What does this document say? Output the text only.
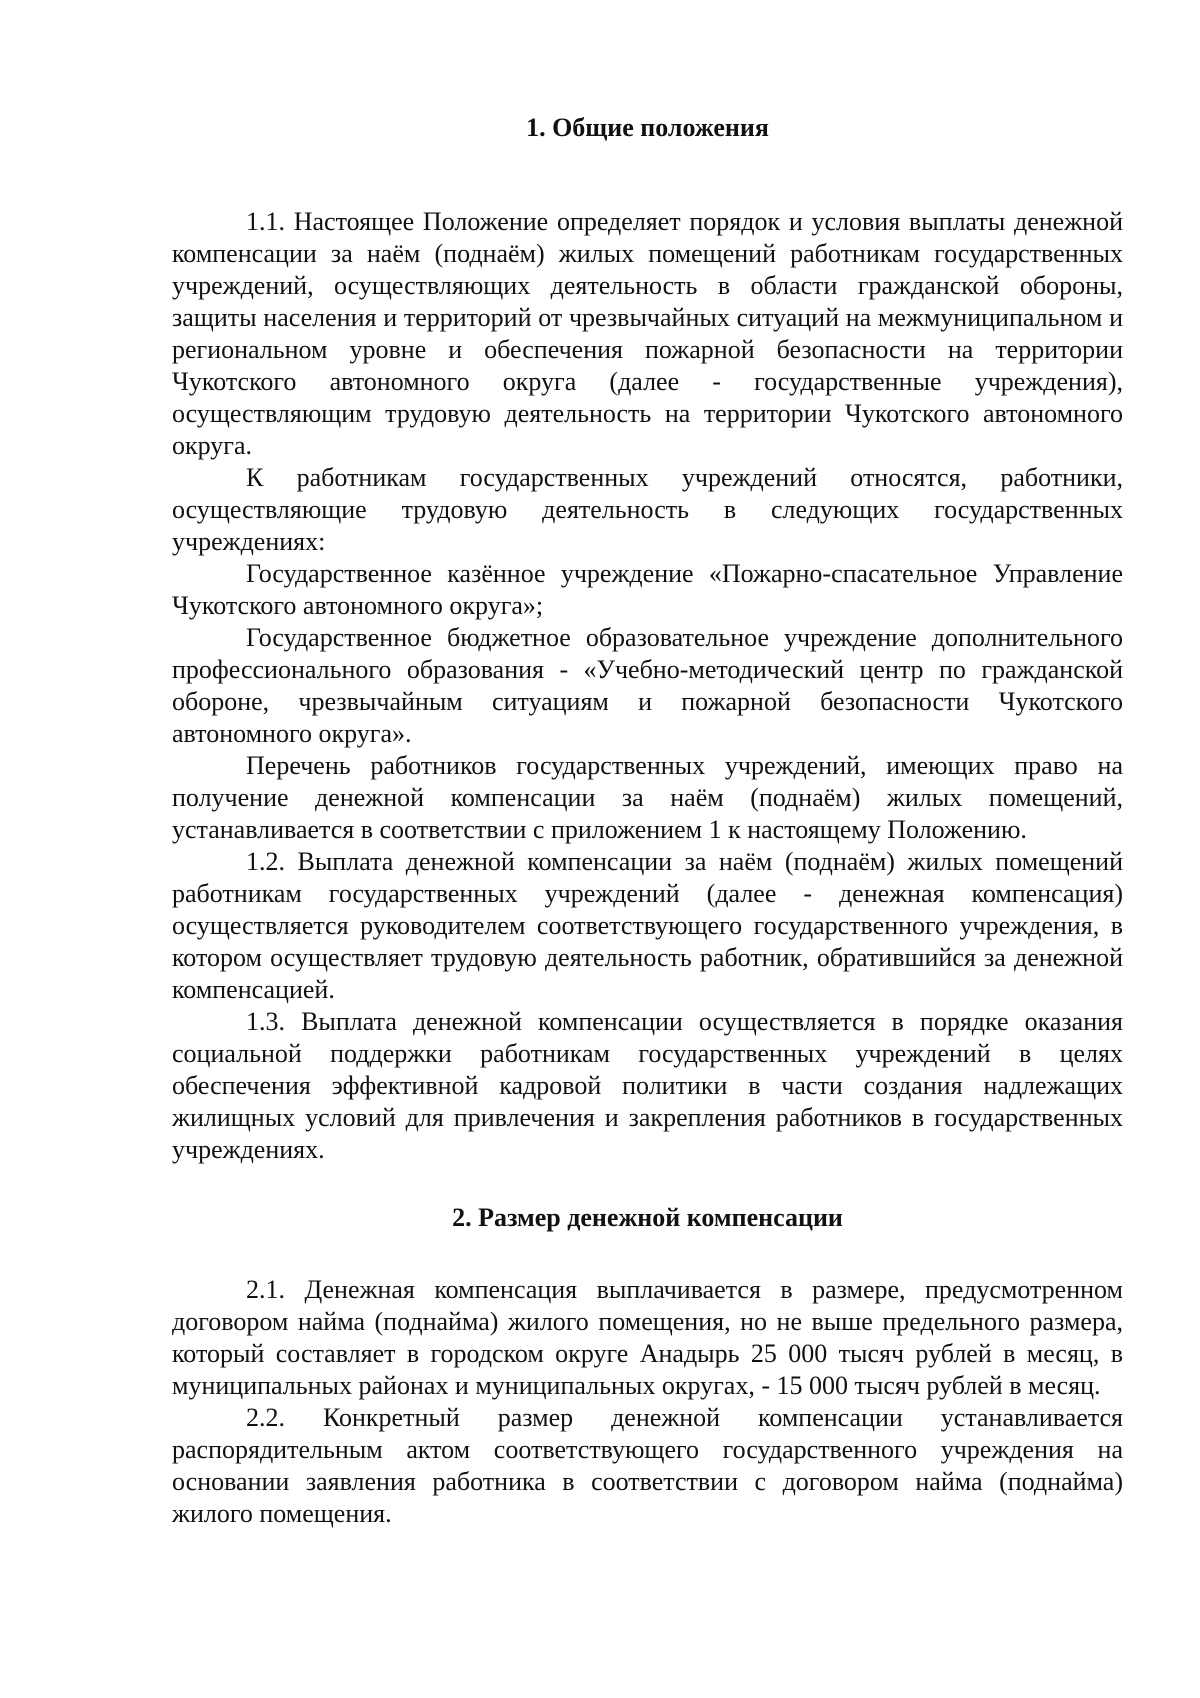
1. Общие положения

1.1. Настоящее Положение определяет порядок и условия выплаты денежной компенсации за наём (поднаём) жилых помещений работникам государственных учреждений, осуществляющих деятельность в области гражданской обороны, защиты населения и территорий от чрезвычайных ситуаций на межмуниципальном и региональном уровне и обеспечения пожарной безопасности на территории Чукотского автономного округа (далее - государственные учреждения), осуществляющим трудовую деятельность на территории Чукотского автономного округа.

К работникам государственных учреждений относятся, работники, осуществляющие трудовую деятельность в следующих государственных учреждениях:

Государственное казённое учреждение «Пожарно-спасательное Управление Чукотского автономного округа»;

Государственное бюджетное образовательное учреждение дополнительного профессионального образования - «Учебно-методический центр по гражданской обороне, чрезвычайным ситуациям и пожарной безопасности Чукотского автономного округа».

Перечень работников государственных учреждений, имеющих право на получение денежной компенсации за наём (поднаём) жилых помещений, устанавливается в соответствии с приложением 1 к настоящему Положению.

1.2. Выплата денежной компенсации за наём (поднаём) жилых помещений работникам государственных учреждений (далее - денежная компенсация) осуществляется руководителем соответствующего государственного учреждения, в котором осуществляет трудовую деятельность работник, обратившийся за денежной компенсацией.

1.3. Выплата денежной компенсации осуществляется в порядке оказания социальной поддержки работникам государственных учреждений в целях обеспечения эффективной кадровой политики в части создания надлежащих жилищных условий для привлечения и закрепления работников в государственных учреждениях.

2. Размер денежной компенсации

2.1. Денежная компенсация выплачивается в размере, предусмотренном договором найма (поднайма) жилого помещения, но не выше предельного размера, который составляет в городском округе Анадырь 25 000 тысяч рублей в месяц, в муниципальных районах и муниципальных округах, - 15 000 тысяч рублей в месяц.

2.2. Конкретный размер денежной компенсации устанавливается распорядительным актом соответствующего государственного учреждения на основании заявления работника в соответствии с договором найма (поднайма) жилого помещения.
